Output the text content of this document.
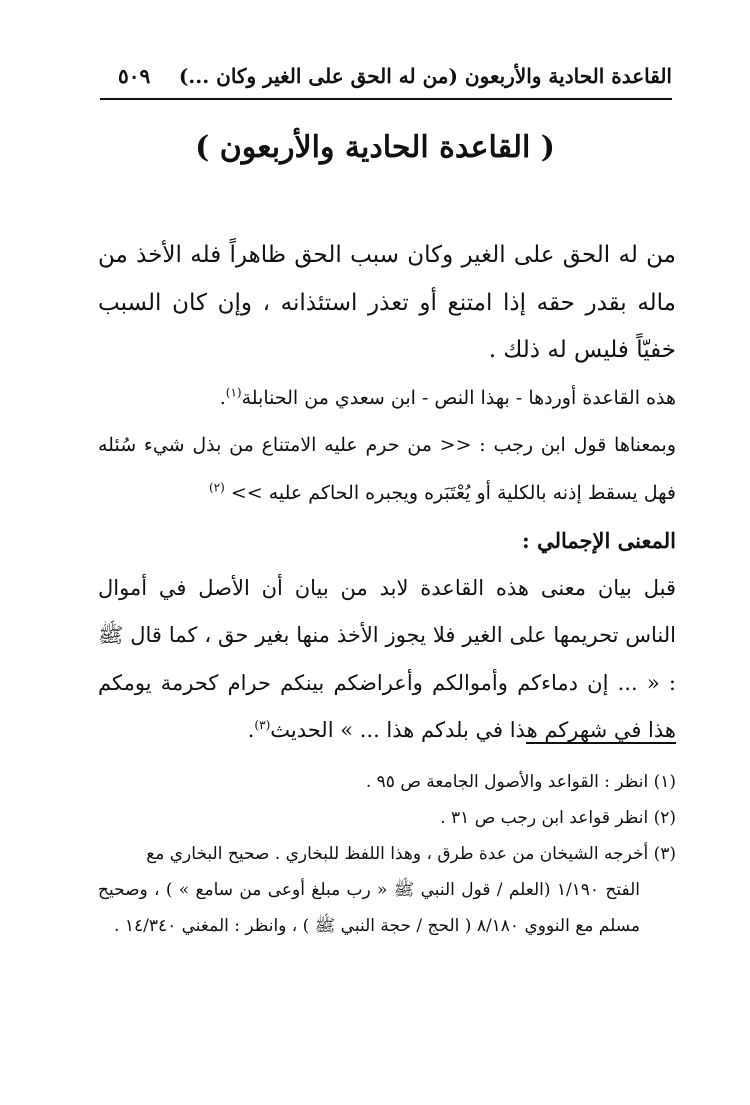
القاعدة الحادية والأربعون (من له الحق على الغير وكان ...)
٥٠٩
( القاعدة الحادية والأربعون )

من له الحق على الغير وكان سبب الحق ظاهراً فله الأخذ من ماله بقدر حقه إذا امتنع أو تعذر استئذانه ، وإن كان السبب خفيّاً فليس له ذلك .

هذه القاعدة أوردها - بهذا النص - ابن سعدي من الحنابلة$^{(١)}$.

وبمعناها قول ابن رجب : << من حرم عليه الامتناع من بذل شيء سُئله فهل يسقط إذنه بالكلية أو يُعْتَبَره ويجبره الحاكم عليه >> $^{(٢)}$

المعنى الإجمالي :

قبل بيان معنى هذه القاعدة لابد من بيان أن الأصل في أموال الناس تحريمها على الغير فلا يجوز الأخذ منها بغير حق ، كما قال ﷺ : « ... إن دماءكم وأموالكم وأعراضكم بينكم حرام كحرمة يومكم هذا في شهركم هذا في بلدكم هذا ... » الحديث$^{(٣)}$.

(١) انظر : القواعد والأصول الجامعة ص ٩٥ .

(٢) انظر قواعد ابن رجب ص ٣١ .

(٣) أخرجه الشيخان من عدة طرق ، وهذا اللفظ للبخاري . صحيح البخاري مع

الفتح ١/١٩٠ (العلم / قول النبي ﷺ « رب مبلغ أوعى من سامع » ) ، وصحيح مسلم مع النووي ٨/١٨٠ ( الحج / حجة النبي ﷺ ) ، وانظر : المغني ١٤/٣٤٠ .
